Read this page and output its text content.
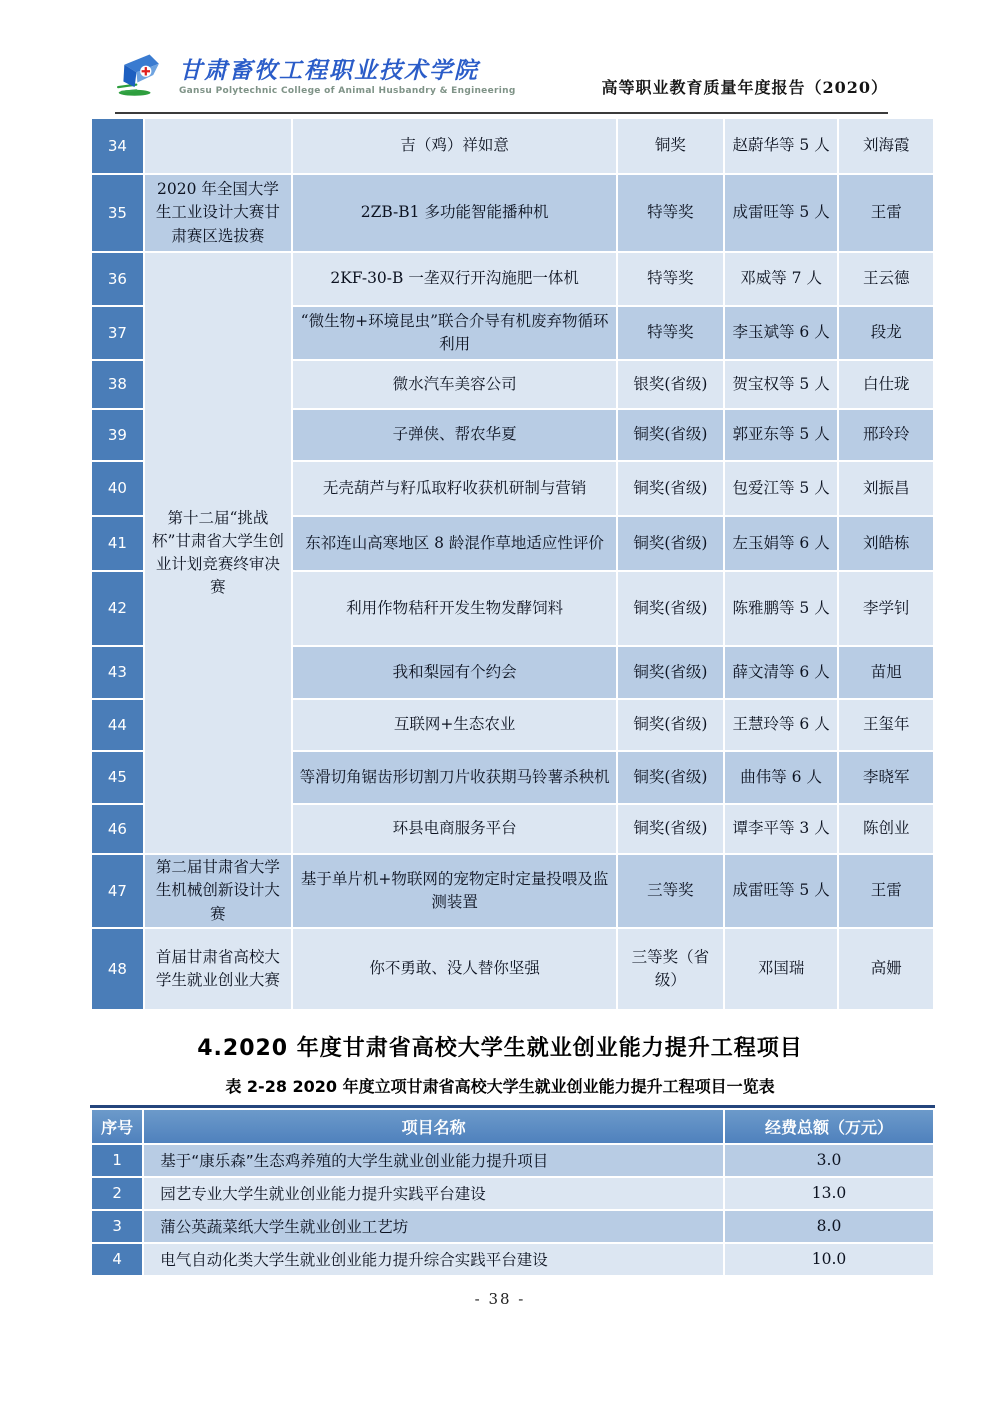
甘肃畜牧工程职业技术学院
Gansu Polytechnic College of Animal Husbandry & Engineering	高等职业教育质量年度报告（2020）
34		吉（鸡）祥如意	铜奖	赵蔚华等 5 人	刘海霞
35	2020 年全国大学生工业设计大赛甘肃赛区选拔赛	2ZB-B1 多功能智能播种机	特等奖	成雷旺等 5 人	王雷
36	第十二届“挑战杯”甘肃省大学生创业计划竞赛终审决赛	2KF-30-B 一垄双行开沟施肥一体机	特等奖	邓威等 7 人	王云德
37		“微生物+环境昆虫”联合介导有机废弃物循环利用	特等奖	李玉斌等 6 人	段龙
38		微水汽车美容公司	银奖(省级)	贺宝权等 5 人	白仕珑
39		子弹侠、帮农华夏	铜奖(省级)	郭亚东等 5 人	邢玲玲
40		无壳葫芦与籽瓜取籽收获机研制与营销	铜奖(省级)	包爱江等 5 人	刘振昌
41		东祁连山高寒地区 8 龄混作草地适应性评价	铜奖(省级)	左玉娟等 6 人	刘皓栋
42		利用作物秸秆开发生物发酵饲料	铜奖(省级)	陈雅鹏等 5 人	李学钊
43		我和梨园有个约会	铜奖(省级)	薛文清等 6 人	苗旭
44		互联网+生态农业	铜奖(省级)	王慧玲等 6 人	王玺年
45		等滑切角锯齿形切割刀片收获期马铃薯杀秧机	铜奖(省级)	曲伟等 6 人	李晓军
46		环县电商服务平台	铜奖(省级)	谭李平等 3 人	陈创业
47	第二届甘肃省大学生机械创新设计大赛	基于单片机+物联网的宠物定时定量投喂及监测装置	三等奖	成雷旺等 5 人	王雷
48	首届甘肃省高校大学生就业创业大赛	你不勇敢、没人替你坚强	三等奖（省级）	邓国瑞	高姗
4.2020 年度甘肃省高校大学生就业创业能力提升工程项目
表 2-28 2020 年度立项甘肃省高校大学生就业创业能力提升工程项目一览表
序号	项目名称	经费总额（万元）
1	基于“康乐森”生态鸡养殖的大学生就业创业能力提升项目	3.0
2	园艺专业大学生就业创业能力提升实践平台建设	13.0
3	蒲公英蔬菜纸大学生就业创业工艺坊	8.0
4	电气自动化类大学生就业创业能力提升综合实践平台建设	10.0
- 38 -
